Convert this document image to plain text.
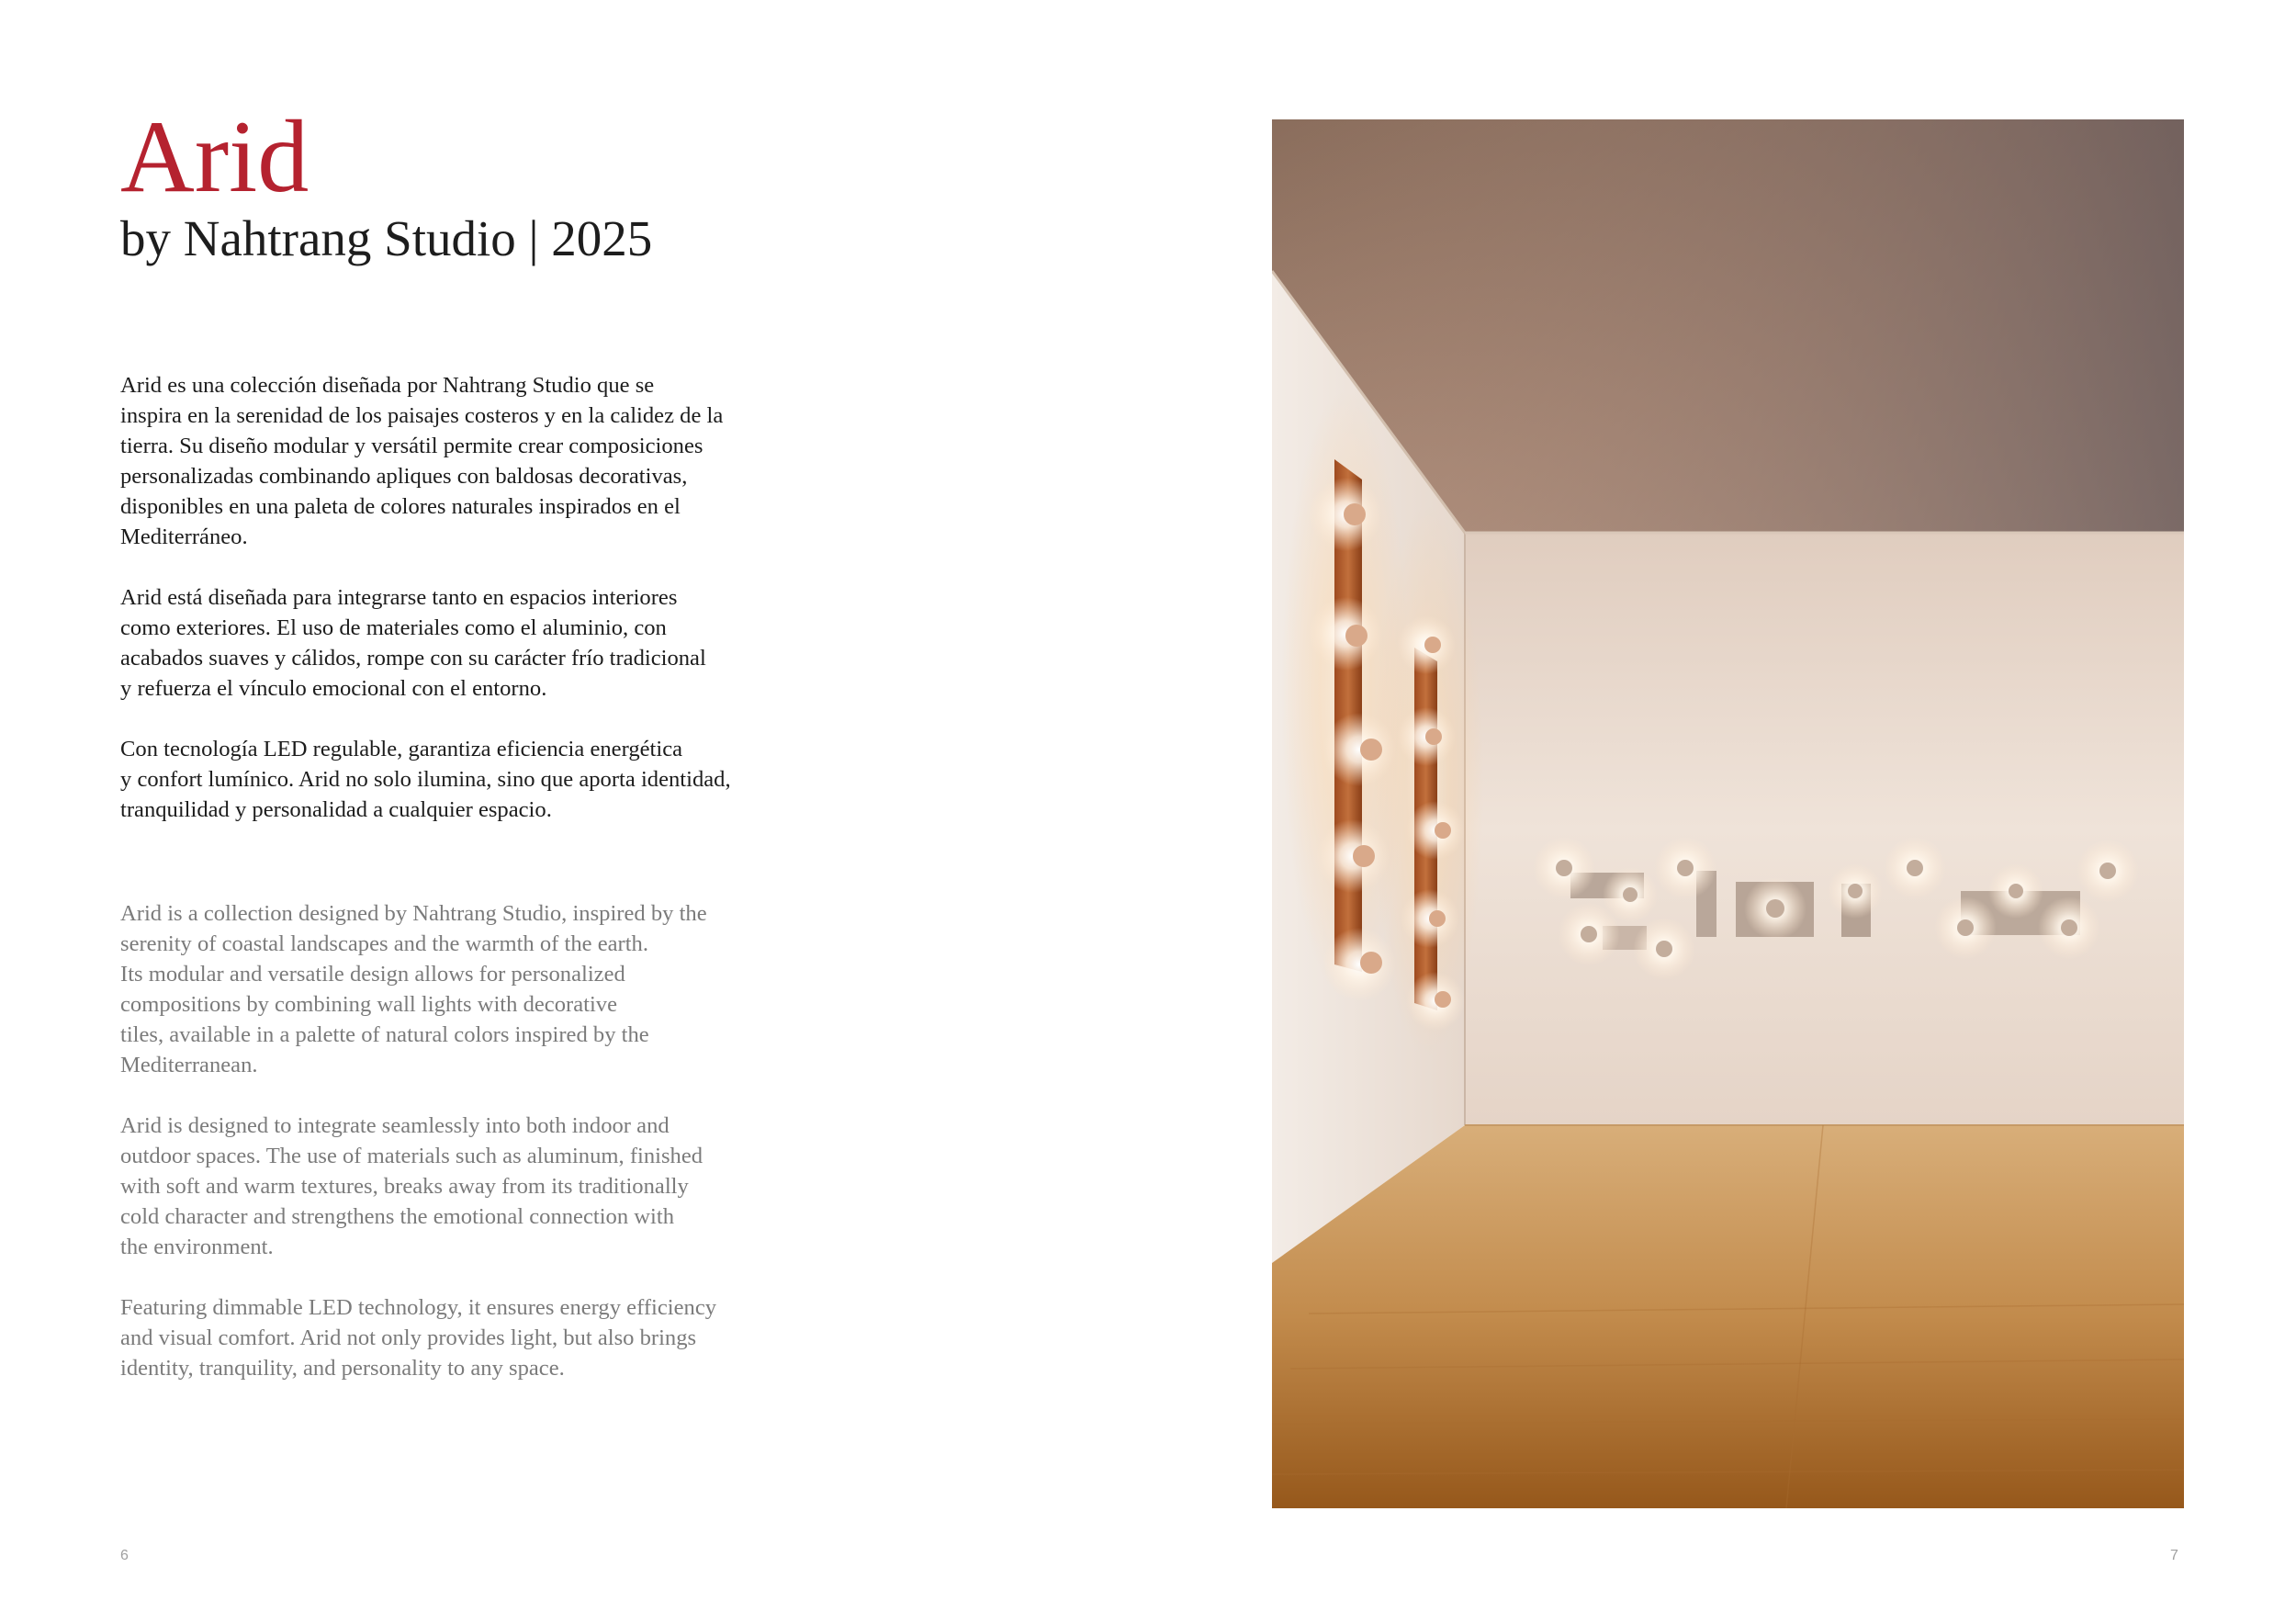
Arid
by Nahtrang Studio | 2025

Arid es una colección diseñada por Nahtrang Studio que se
inspira en la serenidad de los paisajes costeros y en la calidez de la
tierra. Su diseño modular y versátil permite crear composiciones
personalizadas combinando apliques con baldosas decorativas,
disponibles en una paleta de colores naturales inspirados en el
Mediterráneo.

Arid está diseñada para integrarse tanto en espacios interiores
como exteriores. El uso de materiales como el aluminio, con
acabados suaves y cálidos, rompe con su carácter frío tradicional
y refuerza el vínculo emocional con el entorno.

Con tecnología LED regulable, garantiza eficiencia energética
y confort lumínico. Arid no solo ilumina, sino que aporta identidad,
tranquilidad y personalidad a cualquier espacio.

Arid is a collection designed by Nahtrang Studio, inspired by the
serenity of coastal landscapes and the warmth of the earth.
Its modular and versatile design allows for personalized
compositions by combining wall lights with decorative
tiles, available in a palette of natural colors inspired by the
Mediterranean.

Arid is designed to integrate seamlessly into both indoor and
outdoor spaces. The use of materials such as aluminum, finished
with soft and warm textures, breaks away from its traditionally
cold character and strengthens the emotional connection with
the environment.

Featuring dimmable LED technology, it ensures energy efficiency
and visual comfort. Arid not only provides light, but also brings
identity, tranquility, and personality to any space.

6	7
